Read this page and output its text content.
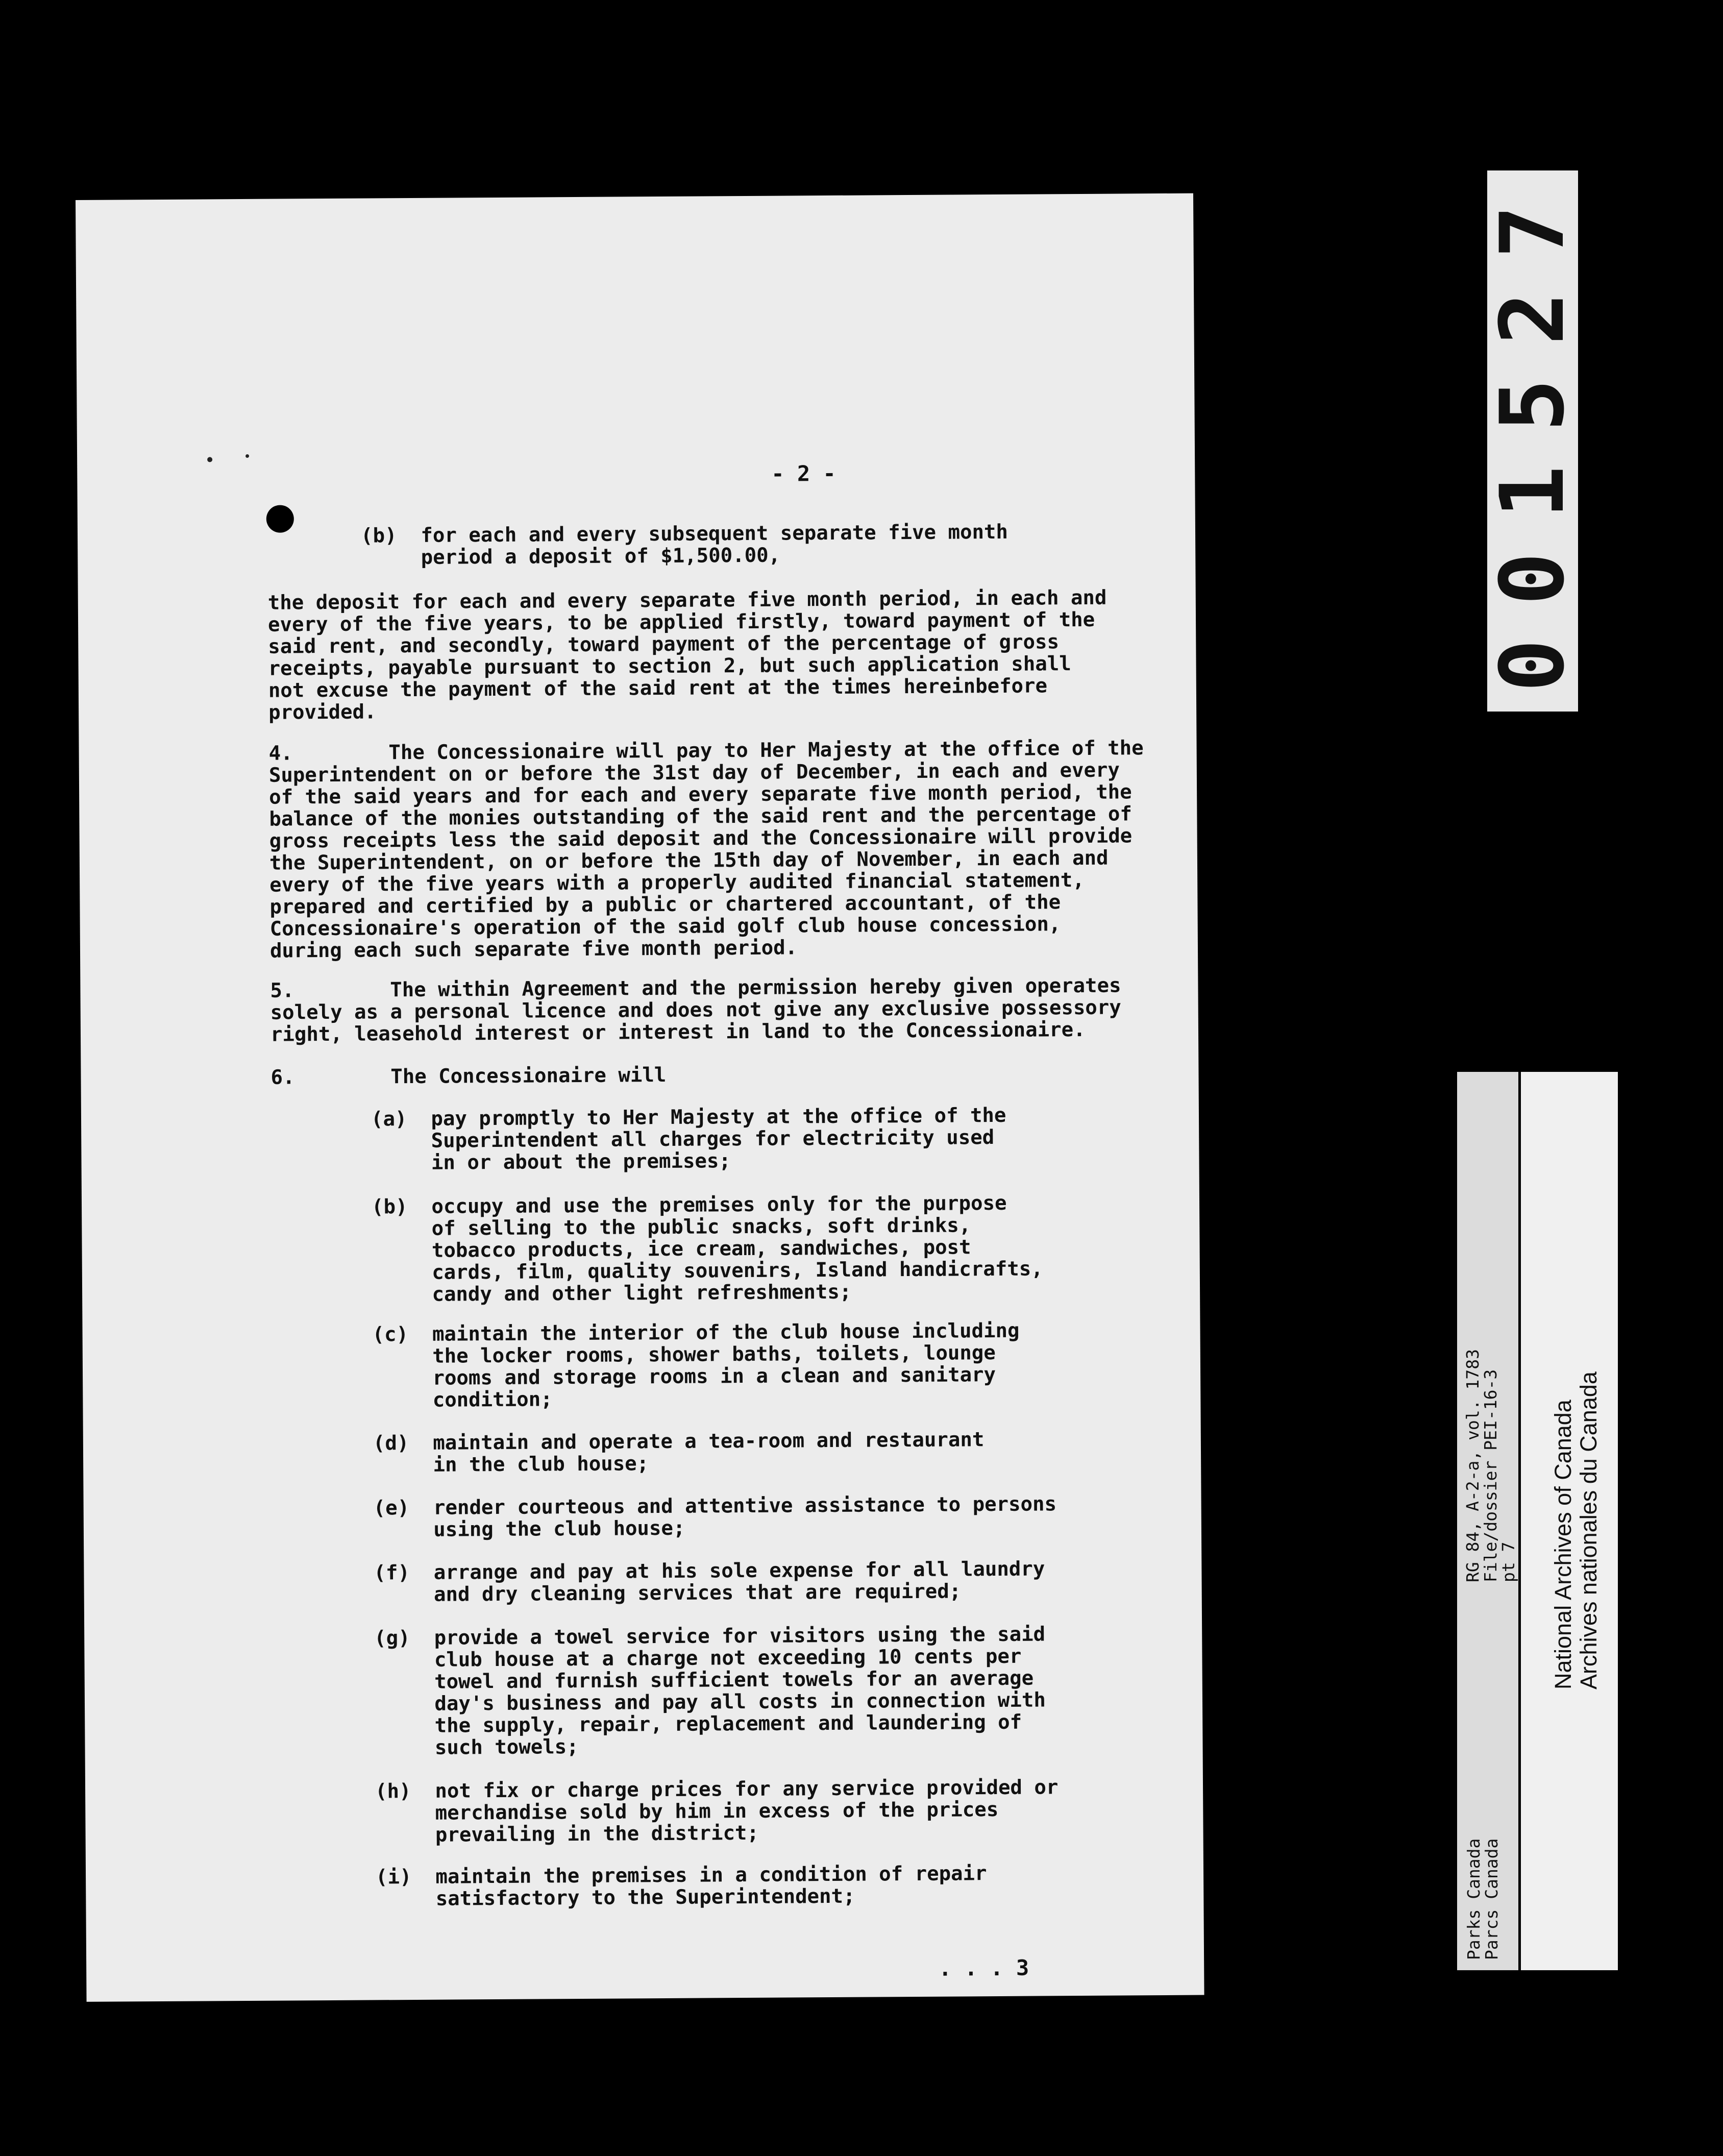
- 2 -
(b)  for each and every subsequent separate five month
period a deposit of $1,500.00,
the deposit for each and every separate five month period, in each and
every of the five years, to be applied firstly, toward payment of the
said rent, and secondly, toward payment of the percentage of gross
receipts, payable pursuant to section 2, but such application shall
not excuse the payment of the said rent at the times hereinbefore
provided.
4.        The Concessionaire will pay to Her Majesty at the office of the
Superintendent on or before the 31st day of December, in each and every
of the said years and for each and every separate five month period, the
balance of the monies outstanding of the said rent and the percentage of
gross receipts less the said deposit and the Concessionaire will provide
the Superintendent, on or before the 15th day of November, in each and
every of the five years with a properly audited financial statement,
prepared and certified by a public or chartered accountant, of the
Concessionaire's operation of the said golf club house concession,
during each such separate five month period.
5.        The within Agreement and the permission hereby given operates
solely as a personal licence and does not give any exclusive possessory
right, leasehold interest or interest in land to the Concessionaire.
6.        The Concessionaire will
(a)  pay promptly to Her Majesty at the office of the
Superintendent all charges for electricity used
in or about the premises;
(b)  occupy and use the premises only for the purpose
of selling to the public snacks, soft drinks,
tobacco products, ice cream, sandwiches, post
cards, film, quality souvenirs, Island handicrafts,
candy and other light refreshments;
(c)  maintain the interior of the club house including
the locker rooms, shower baths, toilets, lounge
rooms and storage rooms in a clean and sanitary
condition;
(d)  maintain and operate a tea-room and restaurant
in the club house;
(e)  render courteous and attentive assistance to persons
using the club house;
(f)  arrange and pay at his sole expense for all laundry
and dry cleaning services that are required;
(g)  provide a towel service for visitors using the said
club house at a charge not exceeding 10 cents per
towel and furnish sufficient towels for an average
day's business and pay all costs in connection with
the supply, repair, replacement and laundering of
such towels;
(h)  not fix or charge prices for any service provided or
merchandise sold by him in excess of the prices
prevailing in the district;
(i)  maintain the premises in a condition of repair
satisfactory to the Superintendent;
. . . 3
0
0
1
5
2
7
RG 84, A-2-a, vol. 1783
File/dossier PEI-16-3
pt 7
Parks Canada
Parcs Canada
National Archives of Canada Archives nationales du Canada
